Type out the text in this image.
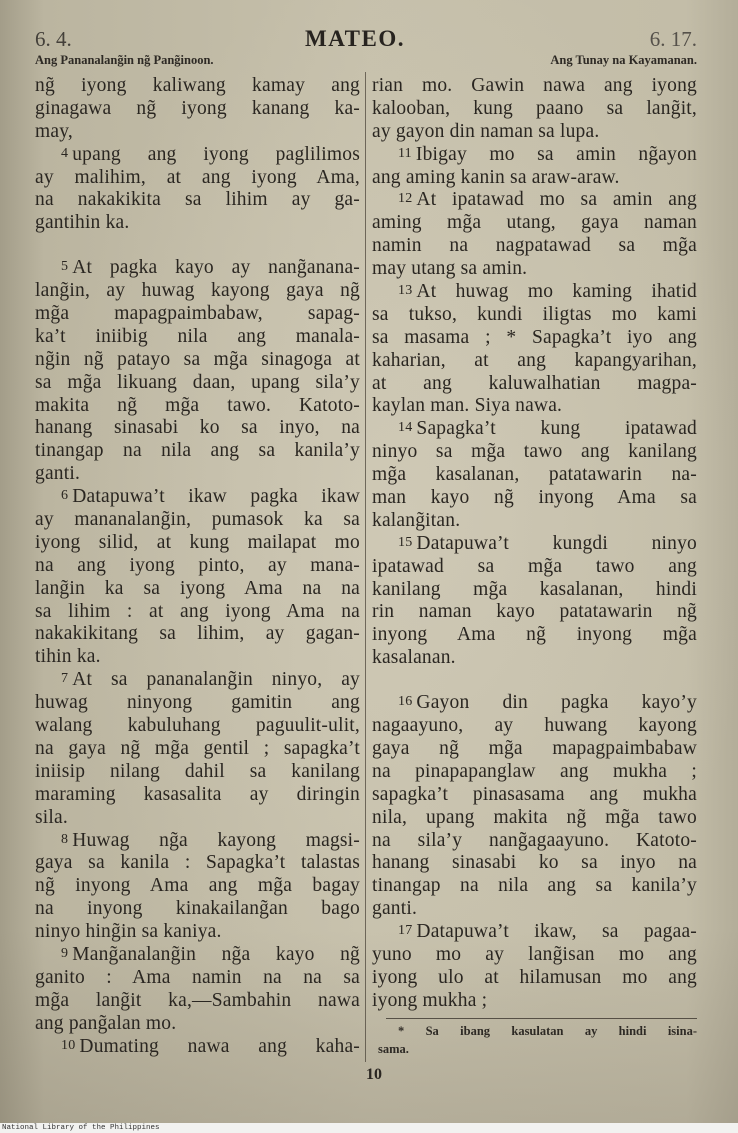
6. 4.	MATEO.	6. 17.
Ang Pananalang̃in ng̃ Pang̃inoon.	Ang Tunay na Kayamanan.
ng̃ iyong kaliwang kamay ang
ginagawa ng̃ iyong kanang ka-
may,
4 upang ang iyong paglilimos
ay malihim, at ang iyong Ama,
na nakakikita sa lihim ay ga-
gantihin ka.
5 At pagka kayo ay nang̃anana-
lang̃in, ay huwag kayong gaya ng̃
mg̃a mapagpaimbabaw, sapag-
ka’t iniibig nila ang manala-
ng̃in ng̃ patayo sa mg̃a sinagoga at
sa mg̃a likuang daan, upang sila’y
makita ng̃ mg̃a tawo. Katoto-
hanang sinasabi ko sa inyo, na
tinangap na nila ang sa kanila’y
ganti.
6 Datapuwa’t ikaw pagka ikaw
ay mananalang̃in, pumasok ka sa
iyong silid, at kung mailapat mo
na ang iyong pinto, ay mana-
lang̃in ka sa iyong Ama na na
sa lihim : at ang iyong Ama na
nakakikitang sa lihim, ay gagan-
tihin ka.
7 At sa pananalang̃in ninyo, ay
huwag ninyong gamitin ang
walang kabuluhang paguulit-ulit,
na gaya ng̃ mg̃a gentil ; sapagka’t
iniisip nilang dahil sa kanilang
maraming kasasalita ay diringin
sila.
8 Huwag ng̃a kayong magsi-
gaya sa kanila : Sapagka’t talastas
ng̃ inyong Ama ang mg̃a bagay
na inyong kinakailang̃an bago
ninyo hing̃in sa kaniya.
9 Mang̃analang̃in ng̃a kayo ng̃
ganito : Ama namin na na sa
mg̃a lang̃it ka,—Sambahin nawa
ang pang̃alan mo.
10 Dumating nawa ang kaha-
rian mo. Gawin nawa ang iyong
kalooban, kung paano sa lang̃it,
ay gayon din naman sa lupa.
11 Ibigay mo sa amin ng̃ayon
ang aming kanin sa araw-araw.
12 At ipatawad mo sa amin ang
aming mg̃a utang, gaya naman
namin na nagpatawad sa mg̃a
may utang sa amin.
13 At huwag mo kaming ihatid
sa tukso, kundi iligtas mo kami
sa masama ; * Sapagka’t iyo ang
kaharian, at ang kapangyarihan,
at ang kaluwalhatian magpa-
kaylan man. Siya nawa.
14 Sapagka’t kung ipatawad
ninyo sa mg̃a tawo ang kanilang
mg̃a kasalanan, patatawarin na-
man kayo ng̃ inyong Ama sa
kalang̃itan.
15 Datapuwa’t kungdi ninyo
ipatawad sa mg̃a tawo ang
kanilang mg̃a kasalanan, hindi
rin naman kayo patatawarin ng̃
inyong Ama ng̃ inyong mg̃a
kasalanan.
16 Gayon din pagka kayo’y
nagaayuno, ay huwang kayong
gaya ng̃ mg̃a mapagpaimbabaw
na pinapapanglaw ang mukha ;
sapagka’t pinasasama ang mukha
nila, upang makita ng̃ mg̃a tawo
na sila’y nang̃agaayuno. Katoto-
hanang sinasabi ko sa inyo na
tinangap na nila ang sa kanila’y
ganti.
17 Datapuwa’t ikaw, sa pagaa-
yuno mo ay lang̃isan mo ang
iyong ulo at hilamusan mo ang
iyong mukha ;
* Sa ibang kasulatan ay hindi isina-
sama.
10
National Library of the Philippines
